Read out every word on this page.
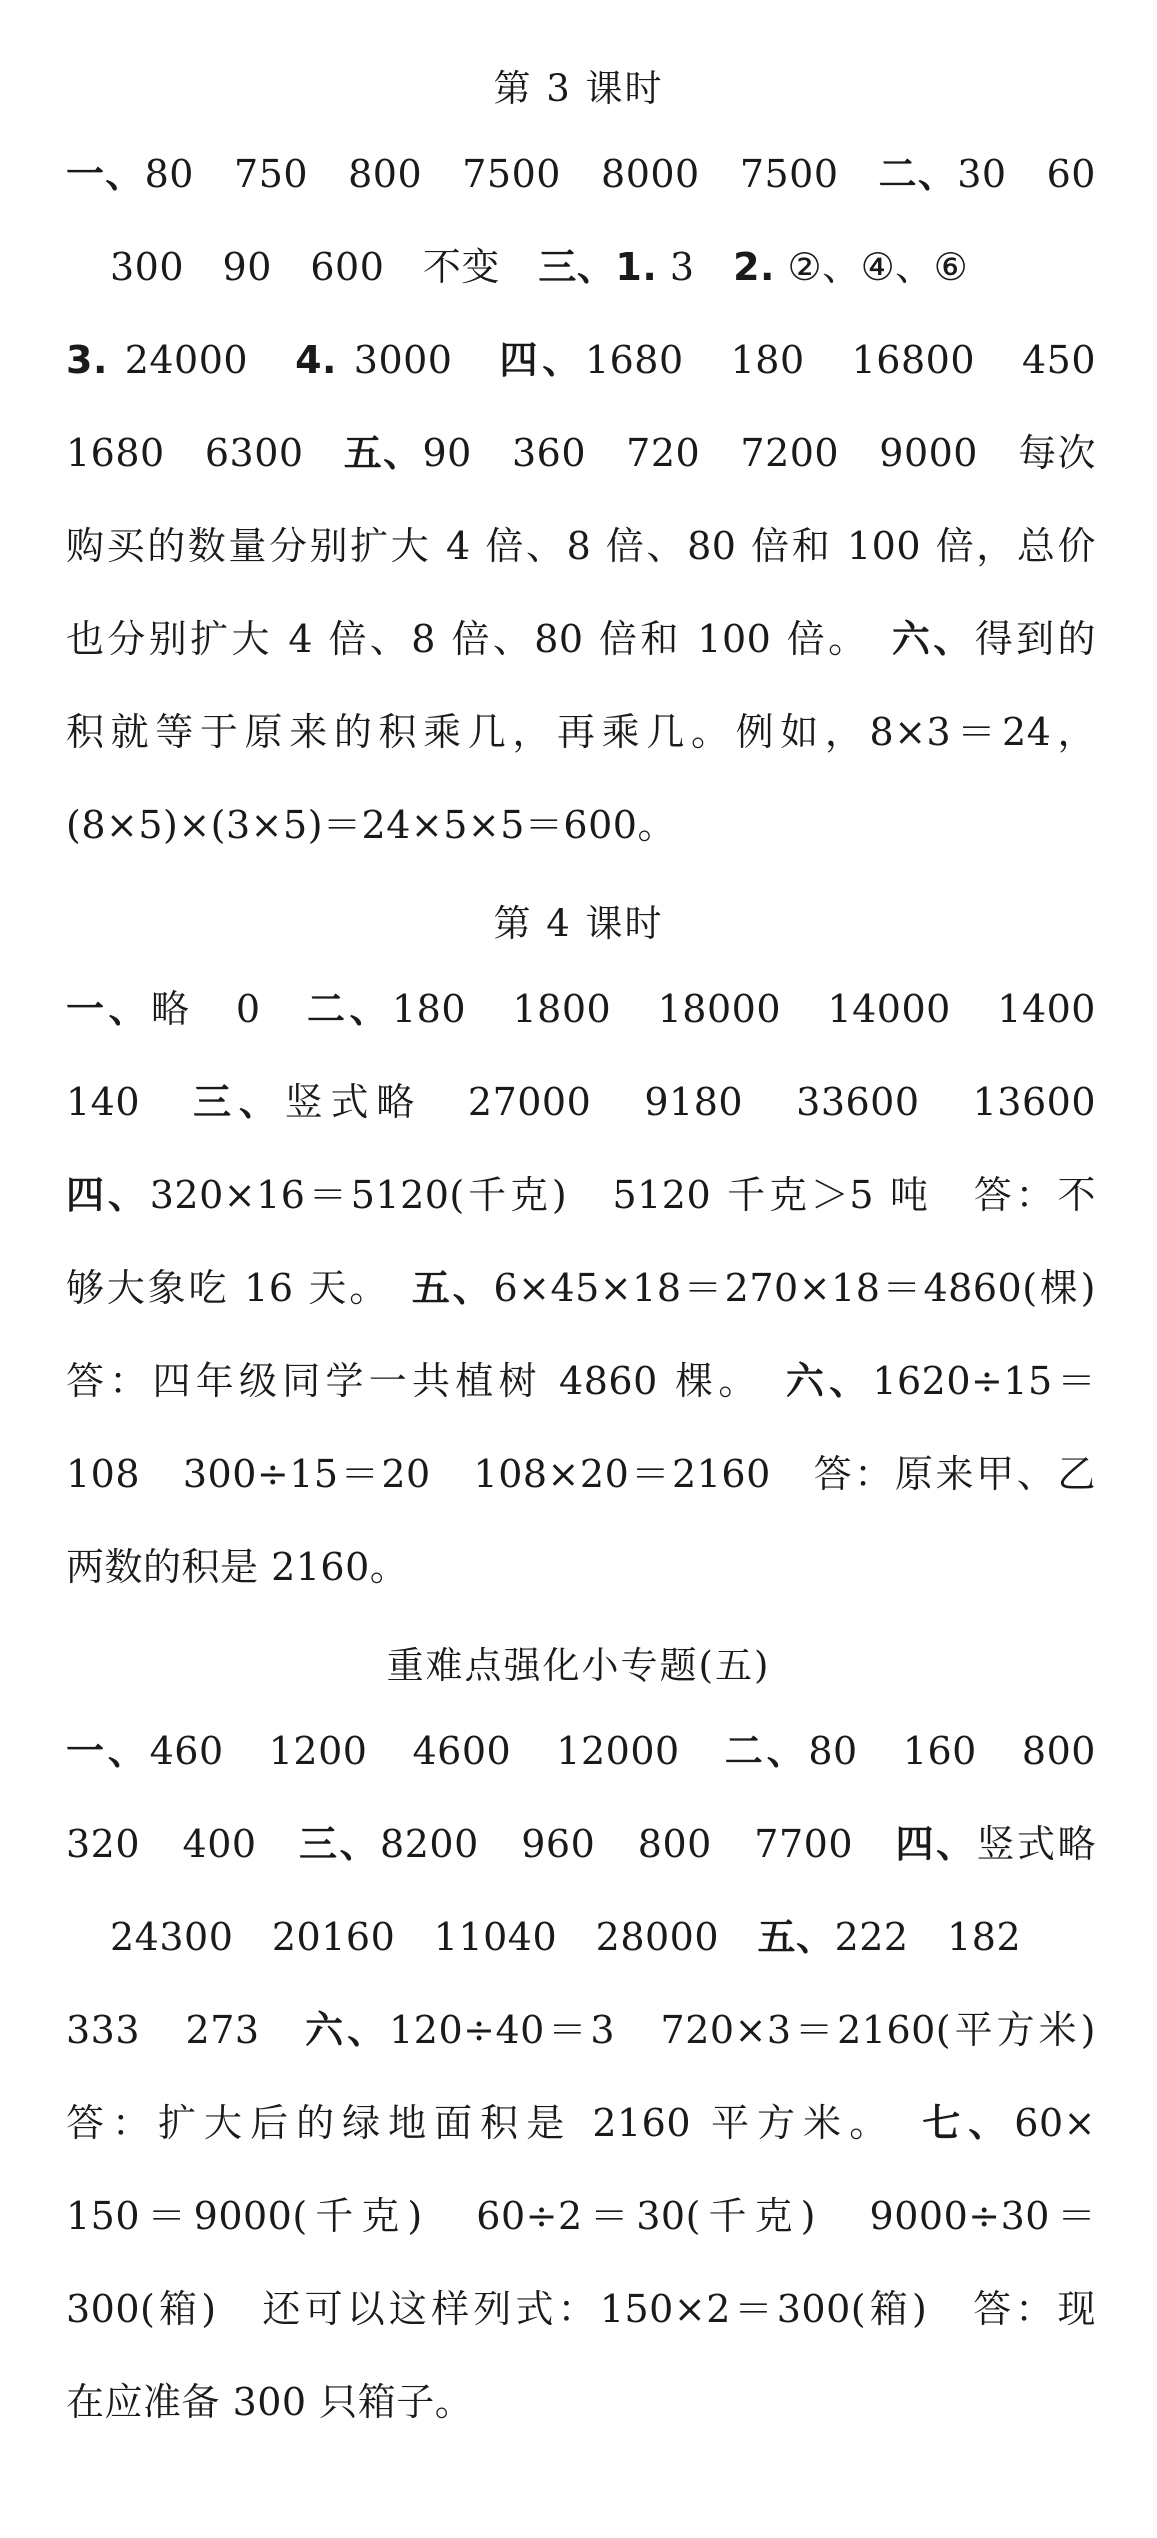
第 3 课时
一、80　750　800　7500　8000　7500　二、30　60
300　90　600　不变　三、1. 3　2. ②、④、⑥
3. 24000　4. 3000　四、1680　180　16800　450
1680　6300　五、90　360　720　7200　9000　每次
购买的数量分别扩大 4 倍、8 倍、80 倍和 100 倍，总价
也分别扩大 4 倍、8 倍、80 倍和 100 倍。　六、得到的
积就等于原来的积乘几，再乘几。例如，8×3＝24，
(8×5)×(3×5)＝24×5×5＝600。
第 4 课时
一、略　0　二、180　1800　18000　14000　1400
140　三、竖式略　27000　9180　33600　13600
四、320×16＝5120(千克)　5120 千克＞5 吨　答：不
够大象吃 16 天。　五、6×45×18＝270×18＝4860(棵)
答：四年级同学一共植树 4860 棵。　六、1620÷15＝
108　300÷15＝20　108×20＝2160　答：原来甲、乙
两数的积是 2160。
重难点强化小专题(五)
一、460　1200　4600　12000　二、80　160　800
320　400　三、8200　960　800　7700　四、竖式略
24300　20160　11040　28000　五、222　182
333　273　六、120÷40＝3　720×3＝2160(平方米)
答：扩大后的绿地面积是 2160 平方米。　七、60×
150＝9000(千克)　60÷2＝30(千克)　9000÷30＝
300(箱)　还可以这样列式：150×2＝300(箱)　答：现
在应准备 300 只箱子。
